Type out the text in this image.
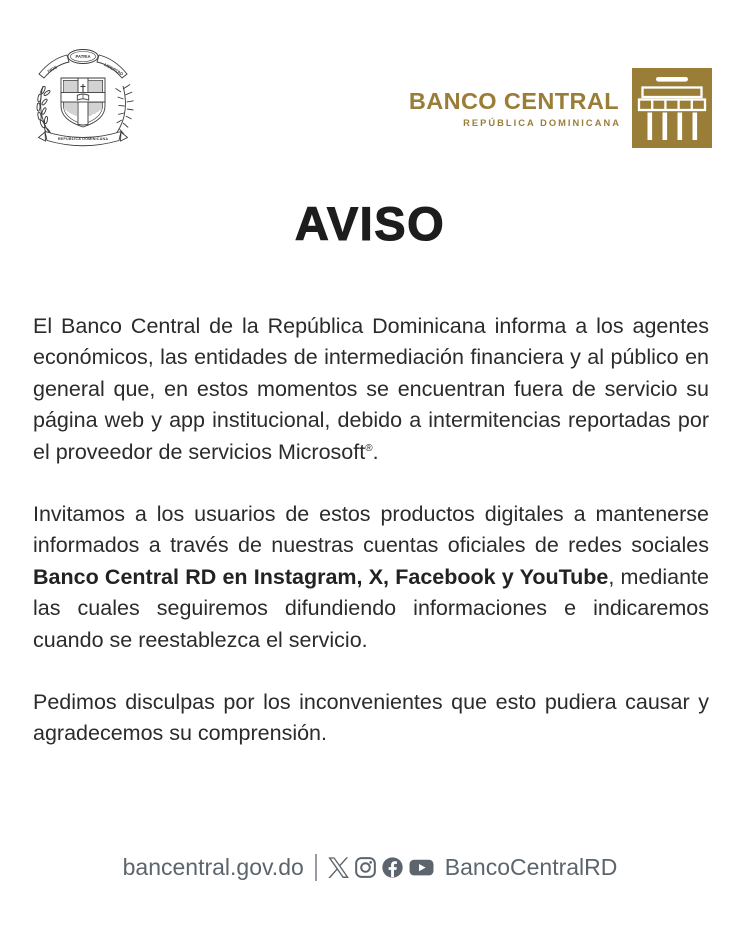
DIOS
PATRIA
LIBERTAD
REPÚBLICA DOMINICANA
BANCO CENTRAL
REPÚBLICA DOMINICANA
AVISO

El Banco Central de la República Dominicana informa a los agentes económicos, las entidades de intermediación financiera y al público en general que, en estos momentos se encuentran fuera de servicio su página web y app institucional, debido a intermitencias reportadas por el proveedor de servicios Microsoft®.

Invitamos a los usuarios de estos productos digitales a mantenerse informados a través de nuestras cuentas oficiales de redes sociales Banco Central RD en Instagram, X, Facebook y YouTube, mediante las cuales seguiremos difundiendo informaciones e indicaremos cuando se reestablezca el servicio.

Pedimos disculpas por los inconvenientes que esto pudiera causar y agradecemos su comprensión.

bancentral.gov.do	BancoCentralRD
